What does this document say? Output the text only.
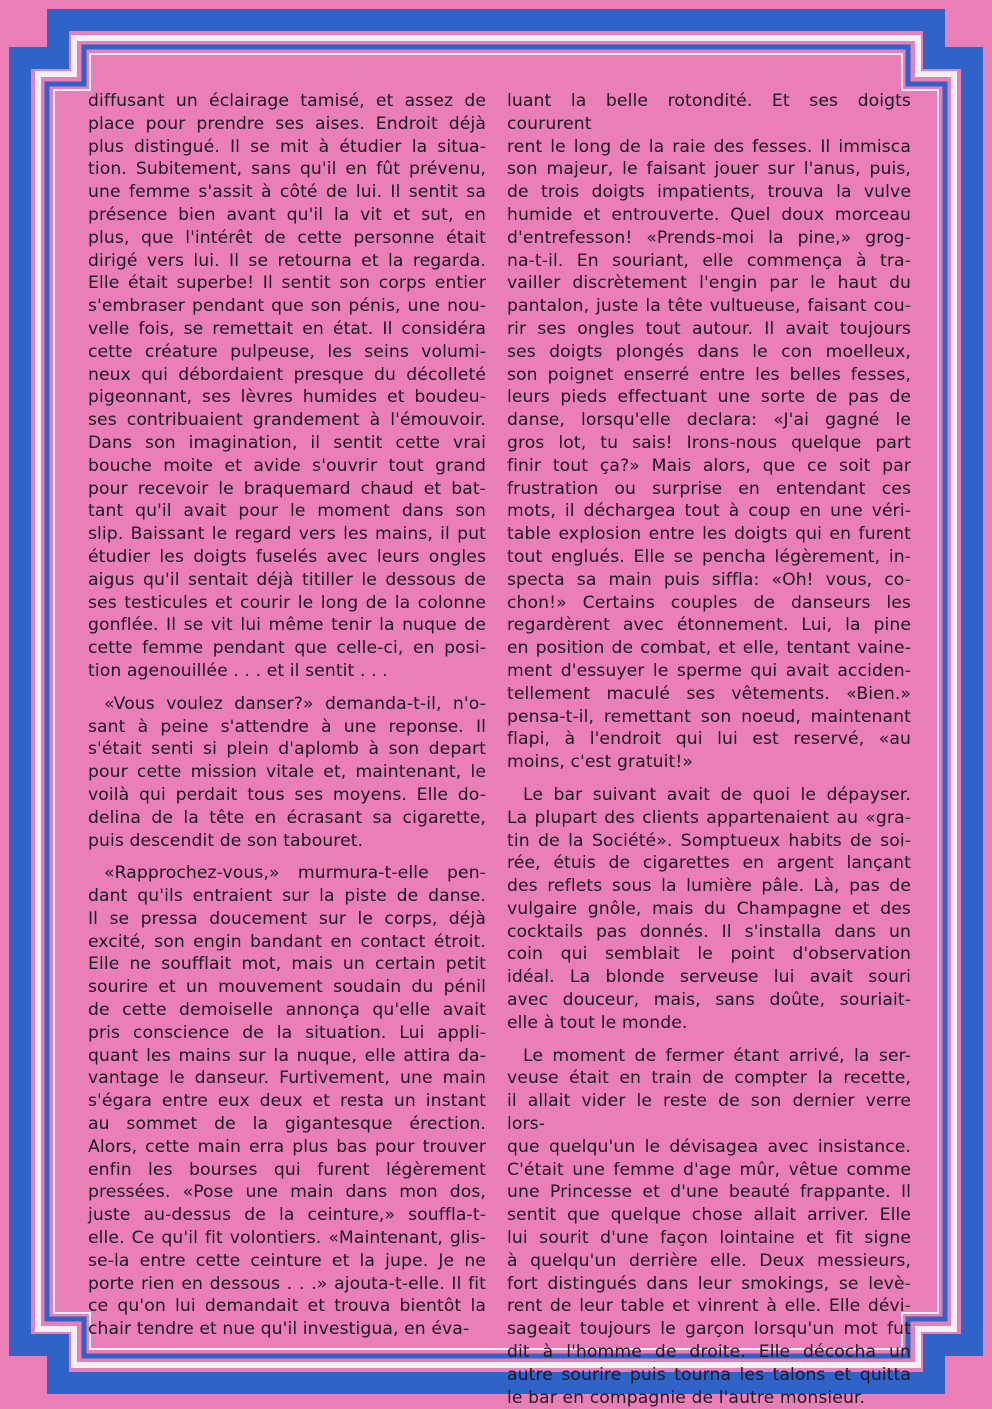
diffusant un éclairage tamisé, et assez de
place pour prendre ses aises. Endroit déjà
plus distingué. Il se mit à étudier la situa-
tion. Subitement, sans qu'il en fût prévenu,
une femme s'assit à côté de lui. Il sentit sa
présence bien avant qu'il la vit et sut, en
plus, que l'intérêt de cette personne était
dirigé vers lui. Il se retourna et la regarda.
Elle était superbe! Il sentit son corps entier
s'embraser pendant que son pénis, une nou-
velle fois, se remettait en état. Il considéra
cette créature pulpeuse, les seins volumi-
neux qui débordaient presque du décolleté
pigeonnant, ses lèvres humides et boudeu-
ses contribuaient grandement à l'émouvoir.
Dans son imagination, il sentit cette vrai
bouche moite et avide s'ouvrir tout grand
pour recevoir le braquemard chaud et bat-
tant qu'il avait pour le moment dans son
slip. Baissant le regard vers les mains, il put
étudier les doigts fuselés avec leurs ongles
aigus qu'il sentait déjà titiller le dessous de
ses testicules et courir le long de la colonne
gonflée. Il se vit lui même tenir la nuque de
cette femme pendant que celle-ci, en posi-
tion agenouillée . . . et il sentit . . .
«Vous voulez danser?» demanda-t-il, n'o-
sant à peine s'attendre à une reponse. Il
s'était senti si plein d'aplomb à son depart
pour cette mission vitale et, maintenant, le
voilà qui perdait tous ses moyens. Elle do-
delina de la tête en écrasant sa cigarette,
puis descendit de son tabouret.
«Rapprochez-vous,» murmura-t-elle pen-
dant qu'ils entraient sur la piste de danse.
Il se pressa doucement sur le corps, déjà
excité, son engin bandant en contact étroit.
Elle ne soufflait mot, mais un certain petit
sourire et un mouvement soudain du pénil
de cette demoiselle annonça qu'elle avait
pris conscience de la situation. Lui appli-
quant les mains sur la nuque, elle attira da-
vantage le danseur. Furtivement, une main
s'égara entre eux deux et resta un instant
au sommet de la gigantesque érection.
Alors, cette main erra plus bas pour trouver
enfin les bourses qui furent légèrement
pressées. «Pose une main dans mon dos,
juste au-dessus de la ceinture,» souffla-t-
elle. Ce qu'il fit volontiers. «Maintenant, glis-
se-la entre cette ceinture et la jupe. Je ne
porte rien en dessous . . .» ajouta-t-elle. Il fit
ce qu'on lui demandait et trouva bientôt la
chair tendre et nue qu'il investigua, en éva-
luant la belle rotondité. Et ses doigts coururent
rent le long de la raie des fesses. Il immisca
son majeur, le faisant jouer sur l'anus, puis,
de trois doigts impatients, trouva la vulve
humide et entrouverte. Quel doux morceau
d'entrefesson! «Prends-moi la pine,» grog-
na-t-il. En souriant, elle commença à tra-
vailler discrètement l'engin par le haut du
pantalon, juste la tête vultueuse, faisant cou-
rir ses ongles tout autour. Il avait toujours
ses doigts plongés dans le con moelleux,
son poignet enserré entre les belles fesses,
leurs pieds effectuant une sorte de pas de
danse, lorsqu'elle declara: «J'ai gagné le
gros lot, tu sais! Irons-nous quelque part
finir tout ça?» Mais alors, que ce soit par
frustration ou surprise en entendant ces
mots, il déchargea tout à coup en une véri-
table explosion entre les doigts qui en furent
tout englués. Elle se pencha légèrement, in-
specta sa main puis siffla: «Oh! vous, co-
chon!» Certains couples de danseurs les
regardèrent avec étonnement. Lui, la pine
en position de combat, et elle, tentant vaine-
ment d'essuyer le sperme qui avait acciden-
tellement maculé ses vêtements. «Bien.»
pensa-t-il, remettant son noeud, maintenant
flapi, à l'endroit qui lui est reservé, «au
moins, c'est gratuit!»
Le bar suivant avait de quoi le dépayser.
La plupart des clients appartenaient au «gra-
tin de la Société». Somptueux habits de soi-
rée, étuis de cigarettes en argent lançant
des reflets sous la lumière pâle. Là, pas de
vulgaire gnôle, mais du Champagne et des
cocktails pas donnés. Il s'installa dans un
coin qui semblait le point d'observation
idéal. La blonde serveuse lui avait souri
avec douceur, mais, sans doûte, souriait-
elle à tout le monde.
Le moment de fermer étant arrivé, la ser-
veuse était en train de compter la recette,
il allait vider le reste de son dernier verre lors-
que quelqu'un le dévisagea avec insistance.
C'était une femme d'age mûr, vêtue comme
une Princesse et d'une beauté frappante. Il
sentit que quelque chose allait arriver. Elle
lui sourit d'une façon lointaine et fit signe
à quelqu'un derrière elle. Deux messieurs,
fort distingués dans leur smokings, se levè-
rent de leur table et vinrent à elle. Elle dévi-
sageait toujours le garçon lorsqu'un mot fut
dit à l'homme de droite. Elle décocha un
autre sourire puis tourna les talons et quitta
le bar en compagnie de l'autre monsieur.
